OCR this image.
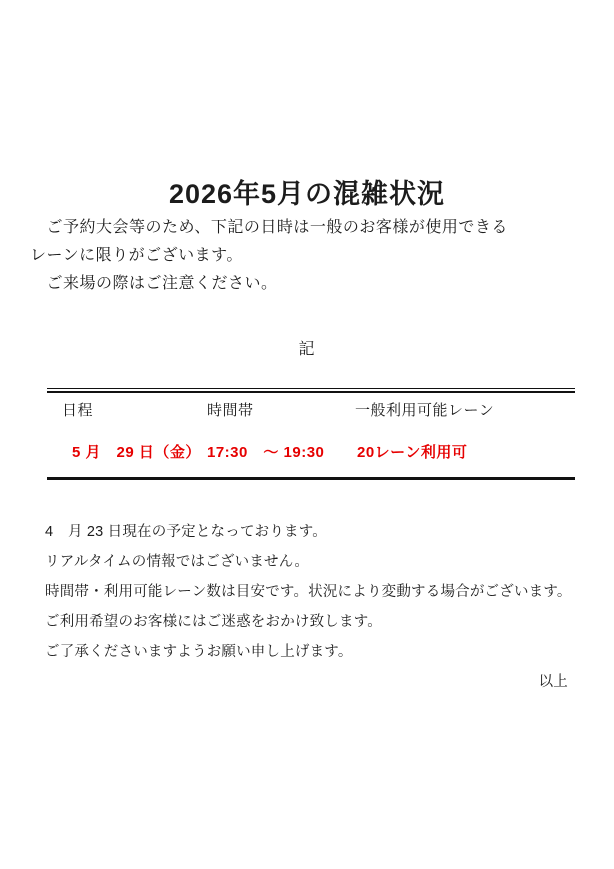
2026年5月の混雑状況
　ご予約大会等のため、下記の日時は一般のお客様が使用できる
レーンに限りがございます。
　ご来場の際はご注意ください。
記
日程	時間帯	一般利用可能レーン
5 月　29 日（金） 17:30　～ 19:30 20レーン利用可
4　月 23 日現在の予定となっております。
リアルタイムの情報ではございません。
時間帯・利用可能レーン数は目安です。状況により変動する場合がございます。
ご利用希望のお客様にはご迷惑をおかけ致します。
ご了承くださいますようお願い申し上げます。
以上
